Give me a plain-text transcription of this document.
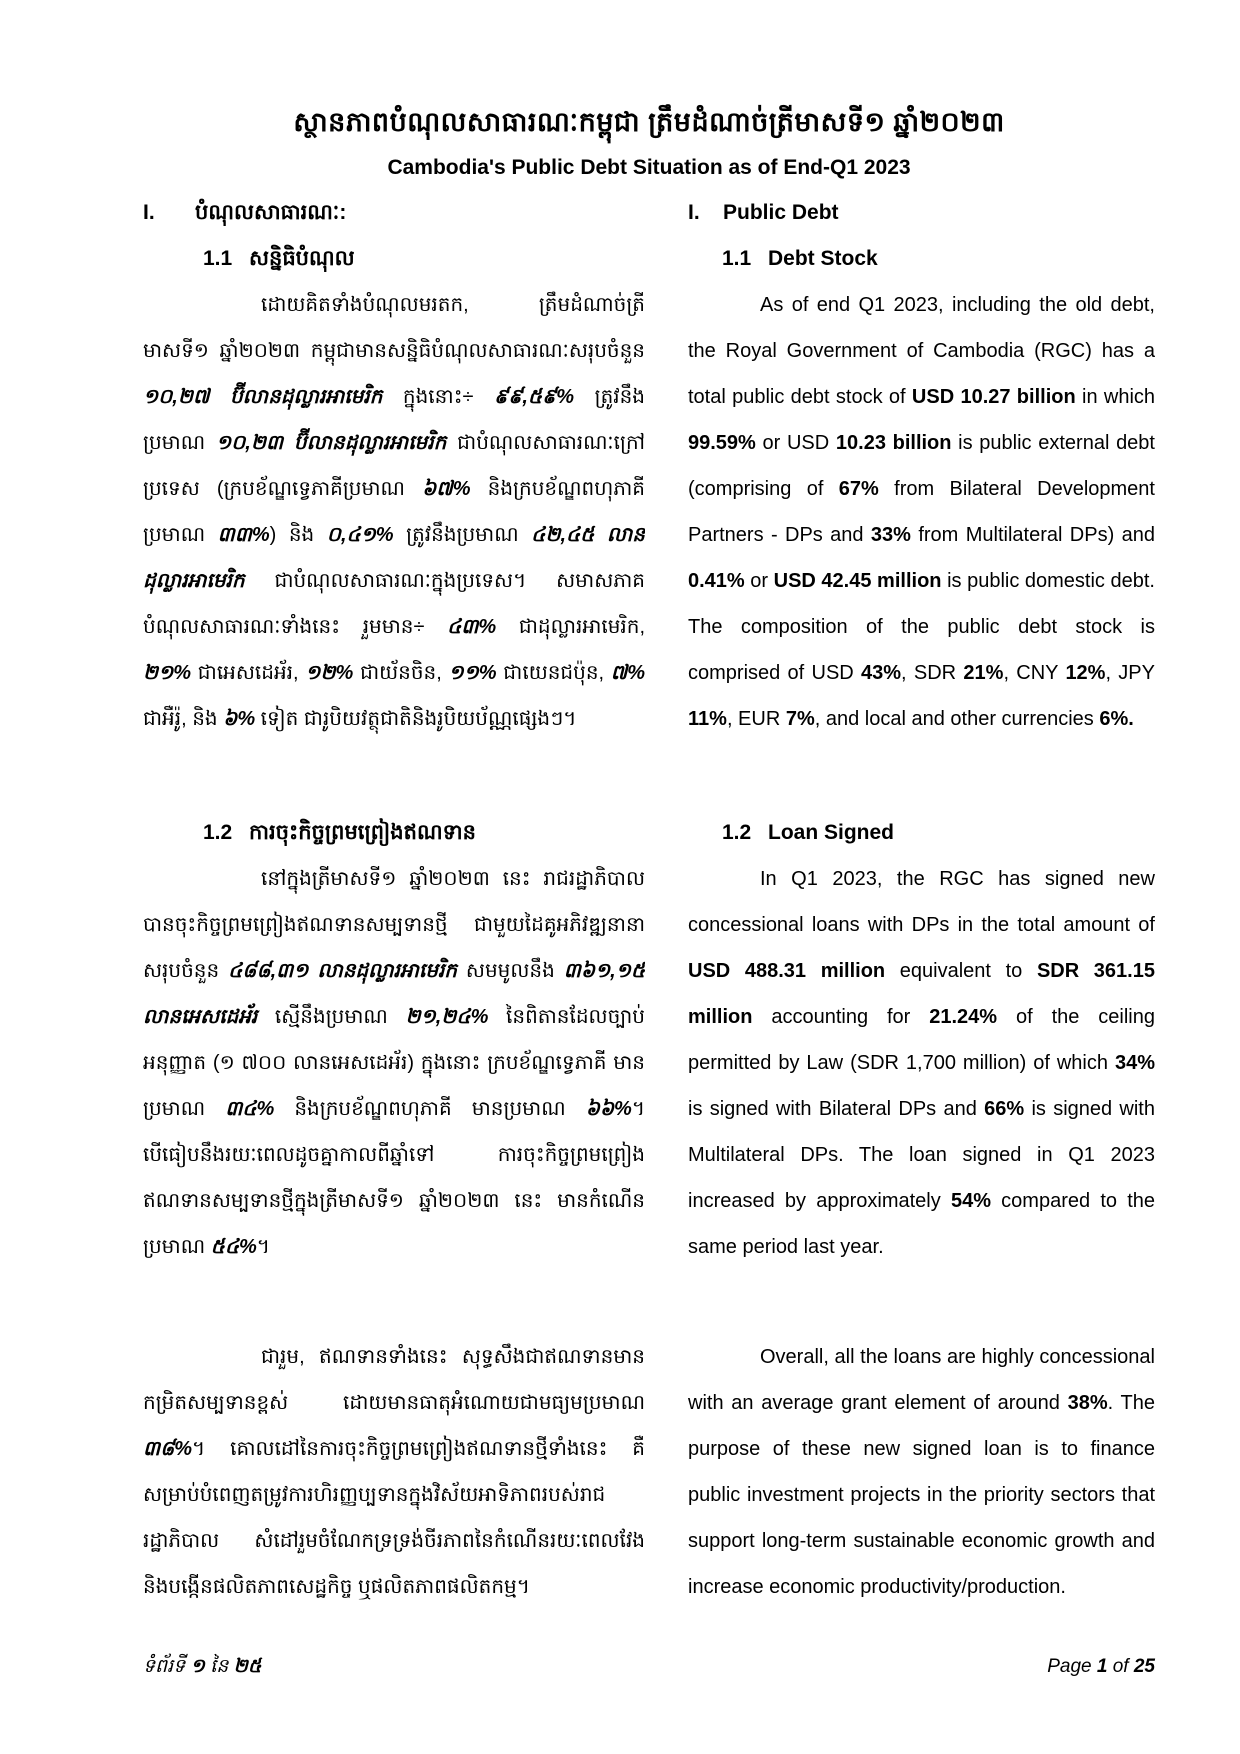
ស្ថានភាពបំណុលសាធារណៈកម្ពុជា ត្រឹមដំណាច់ត្រីមាសទី១ ឆ្នាំ២០២៣
Cambodia's Public Debt Situation as of End-Q1 2023
I. បំណុលសាធារណៈ:	I. Public Debt
1.1 សន្និធិបំណុល	1.1 Debt Stock
ដោយគិតទាំងបំណុលមរតក, ត្រឹមដំណាច់ត្រីមាសទី១ ឆ្នាំ២០២៣ កម្ពុជាមានសន្និធិបំណុលសាធារណៈសរុបចំនួន ១០,២៧ ប៊ីលានដុល្លារអាមេរិក ក្នុងនោះ÷ ៩៩,៥៩% ត្រូវនឹងប្រមាណ ១០,២៣ ប៊ីលានដុល្លារអាមេរិក ជាបំណុលសាធារណៈក្រៅប្រទេស (ក្របខ័ណ្ឌទ្វេភាគីប្រមាណ ៦៧% និងក្របខ័ណ្ឌពហុភាគីប្រមាណ ៣៣%) និង ០,៤១% ត្រូវនឹងប្រមាណ ៤២,៤៥ លានដុល្លារអាមេរិក ជាបំណុលសាធារណៈក្នុងប្រទេស។ សមាសភាគបំណុលសាធារណៈទាំងនេះ រួមមាន÷ ៤៣% ជាដុល្លារអាមេរិក, ២១% ជាអេសដេអ័រ, ១២% ជាយ័នចិន, ១១% ជាយេនជប៉ុន, ៧% ជាអឺរ៉ូ, និង ៦% ទៀត ជារូបិយវត្ថុជាតិនិងរូបិយប័ណ្ណផ្សេងៗ។
As of end Q1 2023, including the old debt, the Royal Government of Cambodia (RGC) has a total public debt stock of USD 10.27 billion in which 99.59% or USD 10.23 billion is public external debt (comprising of 67% from Bilateral Development Partners - DPs and 33% from Multilateral DPs) and 0.41% or USD 42.45 million is public domestic debt. The composition of the public debt stock is comprised of USD 43%, SDR 21%, CNY 12%, JPY 11%, EUR 7%, and local and other currencies 6%.
1.2 ការចុះកិច្ចព្រមព្រៀងឥណទាន	1.2 Loan Signed
នៅក្នុងត្រីមាសទី១ ឆ្នាំ២០២៣ នេះ រាជរដ្ឋាភិបាលបានចុះកិច្ចព្រមព្រៀងឥណទានសម្បទានថ្មី ជាមួយដៃគូអភិវឌ្ឍនានាសរុបចំនួន ៤៨៨,៣១ លានដុល្លារអាមេរិក សមមូលនឹង ៣៦១,១៥ លានអេសដេអ័រ ស្មើនឹងប្រមាណ ២១,២៤% នៃពិតានដែលច្បាប់អនុញ្ញាត (១ ៧០០ លានអេសដេអ័រ) ក្នុងនោះ ក្របខ័ណ្ឌទ្វេភាគី មានប្រមាណ ៣៤% និងក្របខ័ណ្ឌពហុភាគី មានប្រមាណ ៦៦%។ បើធៀបនឹងរយៈពេលដូចគ្នាកាលពីឆ្នាំទៅ ការចុះកិច្ចព្រមព្រៀងឥណទានសម្បទានថ្មីក្នុងត្រីមាសទី១ ឆ្នាំ២០២៣ នេះ មានកំណើនប្រមាណ ៥៤%។
In Q1 2023, the RGC has signed new concessional loans with DPs in the total amount of USD 488.31 million equivalent to SDR 361.15 million accounting for 21.24% of the ceiling permitted by Law (SDR 1,700 million) of which 34% is signed with Bilateral DPs and 66% is signed with Multilateral DPs. The loan signed in Q1 2023 increased by approximately 54% compared to the same period last year.
ជារួម, ឥណទានទាំងនេះ សុទ្ធសឹងជាឥណទានមានកម្រិតសម្បទានខ្ពស់ ដោយមានធាតុអំណោយជាមធ្យមប្រមាណ ៣៨%។ គោលដៅនៃការចុះកិច្ចព្រមព្រៀងឥណទានថ្មីទាំងនេះ គឺសម្រាប់បំពេញតម្រូវការហិរញ្ញប្បទានក្នុងវិស័យអាទិភាពរបស់រាជរដ្ឋាភិបាល សំដៅរួមចំណែកទ្រទ្រង់ចីរភាពនៃកំណើនរយៈពេលវែង និងបង្កើនផលិតភាពសេដ្ឋកិច្ច ឬផលិតភាពផលិតកម្ម។
Overall, all the loans are highly concessional with an average grant element of around 38%. The purpose of these new signed loan is to finance public investment projects in the priority sectors that support long-term sustainable economic growth and increase economic productivity/production.
ទំព័រទី ១ នៃ ២៥	Page 1 of 25
